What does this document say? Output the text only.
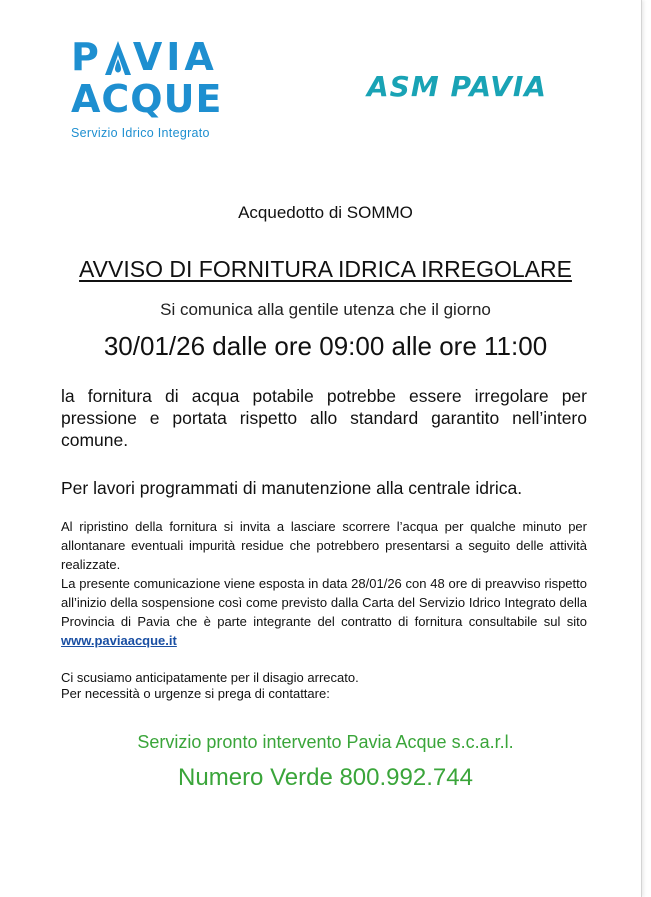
P VIA
ACQUE
Servizio Idrico Integrato
ASM PAVIA
Acquedotto di SOMMO
AVVISO DI FORNITURA IDRICA IRREGOLARE
Si comunica alla gentile utenza che il giorno
30/01/26 dalle ore 09:00 alle ore 11:00
la fornitura di acqua potabile potrebbe essere irregolare per pressione e portata rispetto allo standard garantito nell’intero comune.
Per lavori programmati di manutenzione alla centrale idrica.
Al ripristino della fornitura si invita a lasciare scorrere l’acqua per qualche minuto per allontanare eventuali impurità residue che potrebbero presentarsi a seguito delle attività realizzate.
La presente comunicazione viene esposta in data 28/01/26 con 48 ore di preavviso rispetto all’inizio della sospensione così come previsto dalla Carta del Servizio Idrico Integrato della Provincia di Pavia che è parte integrante del contratto di fornitura consultabile sul sito www.paviaacque.it
Ci scusiamo anticipatamente per il disagio arrecato.
Per necessità o urgenze si prega di contattare:
Servizio pronto intervento Pavia Acque s.c.a.r.l.
Numero Verde 800.992.744
